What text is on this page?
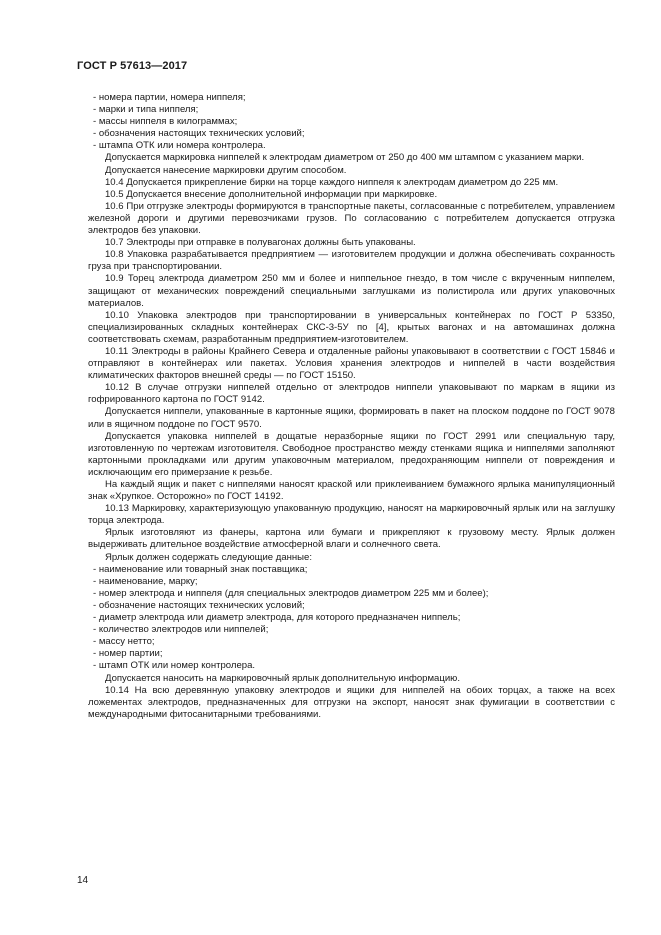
ГОСТ Р 57613—2017

- номера партии, номера ниппеля;

- марки и типа ниппеля;

- массы ниппеля в килограммах;

- обозначения настоящих технических условий;

- штампа ОТК или номера контролера.

Допускается маркировка ниппелей к электродам диаметром от 250 до 400 мм штампом с указанием марки.

Допускается нанесение маркировки другим способом.

10.4 Допускается прикрепление бирки на торце каждого ниппеля к электродам диаметром до 225 мм.

10.5 Допускается внесение дополнительной информации при маркировке.

10.6 При отгрузке электроды формируются в транспортные пакеты, согласованные с потребителем, управлением железной дороги и другими перевозчиками грузов. По согласованию с потребителем допускается отгрузка электродов без упаковки.

10.7 Электроды при отправке в полувагонах должны быть упакованы.

10.8 Упаковка разрабатывается предприятием — изготовителем продукции и должна обеспечивать сохранность груза при транспортировании.

10.9 Торец электрода диаметром 250 мм и более и ниппельное гнездо, в том числе с вкрученным ниппелем, защищают от механических повреждений специальными заглушками из полистирола или других упаковочных материалов.

10.10 Упаковка электродов при транспортировании в универсальных контейнерах по ГОСТ Р 53350, специализированных складных контейнерах СКС-3-5У по [4], крытых вагонах и на автомашинах должна соответствовать схемам, разработанным предприятием-изготовителем.

10.11 Электроды в районы Крайнего Севера и отдаленные районы упаковывают в соответствии с ГОСТ 15846 и отправляют в контейнерах или пакетах. Условия хранения электродов и ниппелей в части воздействия климатических факторов внешней среды — по ГОСТ 15150.

10.12 В случае отгрузки ниппелей отдельно от электродов ниппели упаковывают по маркам в ящики из гофрированного картона по ГОСТ 9142.

Допускается ниппели, упакованные в картонные ящики, формировать в пакет на плоском поддоне по ГОСТ 9078 или в ящичном поддоне по ГОСТ 9570.

Допускается упаковка ниппелей в дощатые неразборные ящики по ГОСТ 2991 или специальную тару, изготовленную по чертежам изготовителя. Свободное пространство между стенками ящика и ниппелями заполняют картонными прокладками или другим упаковочным материалом, предохраняющим ниппели от повреждения и исключающим его примерзание к резьбе.

На каждый ящик и пакет с ниппелями наносят краской или приклеиванием бумажного ярлыка манипуляционный знак «Хрупкое. Осторожно» по ГОСТ 14192.

10.13 Маркировку, характеризующую упакованную продукцию, наносят на маркировочный ярлык или на заглушку торца электрода.

Ярлык изготовляют из фанеры, картона или бумаги и прикрепляют к грузовому месту. Ярлык должен выдерживать длительное воздействие атмосферной влаги и солнечного света.

Ярлык должен содержать следующие данные:

- наименование или товарный знак поставщика;

- наименование, марку;

- номер электрода и ниппеля (для специальных электродов диаметром 225 мм и более);

- обозначение настоящих технических условий;

- диаметр электрода или диаметр электрода, для которого предназначен ниппель;

- количество электродов или ниппелей;

- массу нетто;

- номер партии;

- штамп ОТК или номер контролера.

Допускается наносить на маркировочный ярлык дополнительную информацию.

10.14 На всю деревянную упаковку электродов и ящики для ниппелей на обоих торцах, а также на всех ложементах электродов, предназначенных для отгрузки на экспорт, наносят знак фумигации в соответствии с международными фитосанитарными требованиями.

14
